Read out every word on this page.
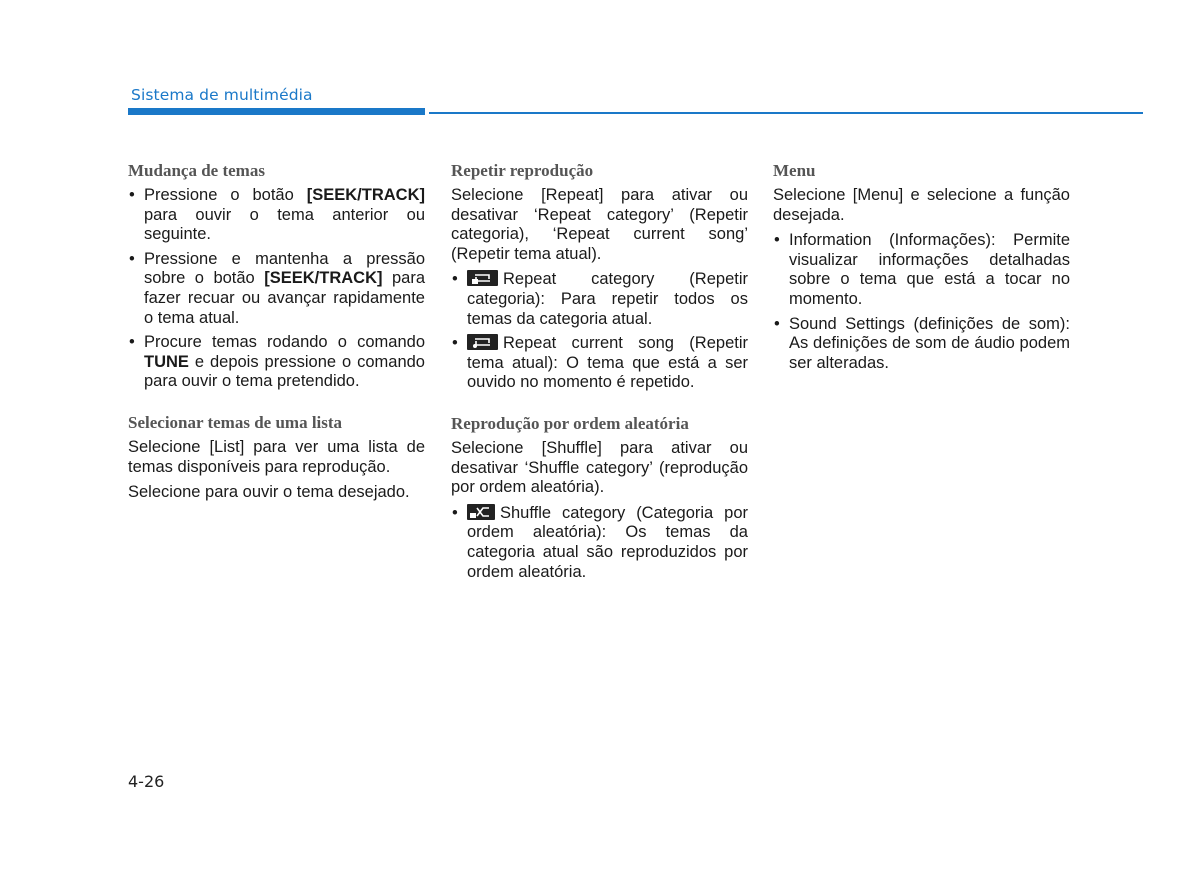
Sistema de multimédia
Mudança de temas
• Pressione o botão [SEEK/TRACK] para ouvir o tema anterior ou seguinte.
• Pressione e mantenha a pressão sobre o botão [SEEK/TRACK] para fazer recuar ou avançar rapidamente o tema atual.
• Procure temas rodando o comando TUNE e depois pressione o comando para ouvir o tema pretendido.
Selecionar temas de uma lista
Selecione [List] para ver uma lista de temas disponíveis para reprodução.
Selecione para ouvir o tema desejado.
Repetir reprodução
Selecione [Repeat] para ativar ou desativar ‘Repeat category’ (Repetir categoria), ‘Repeat current song’ (Repetir tema atual).
• Repeat category (Repetir categoria): Para repetir todos os temas da categoria atual.
• Repeat current song (Repetir tema atual): O tema que está a ser ouvido no momento é repetido.
Reprodução por ordem aleatória
Selecione [Shuffle] para ativar ou desativar ‘Shuffle category’ (reprodução por ordem aleatória).
• Shuffle category (Categoria por ordem aleatória): Os temas da categoria atual são reproduzidos por ordem aleatória.
Menu
Selecione [Menu] e selecione a função desejada.
• Information (Informações): Permite visualizar informações detalhadas sobre o tema que está a tocar no momento.
• Sound Settings (definições de som): As definições de som de áudio podem ser alteradas.
4-26
